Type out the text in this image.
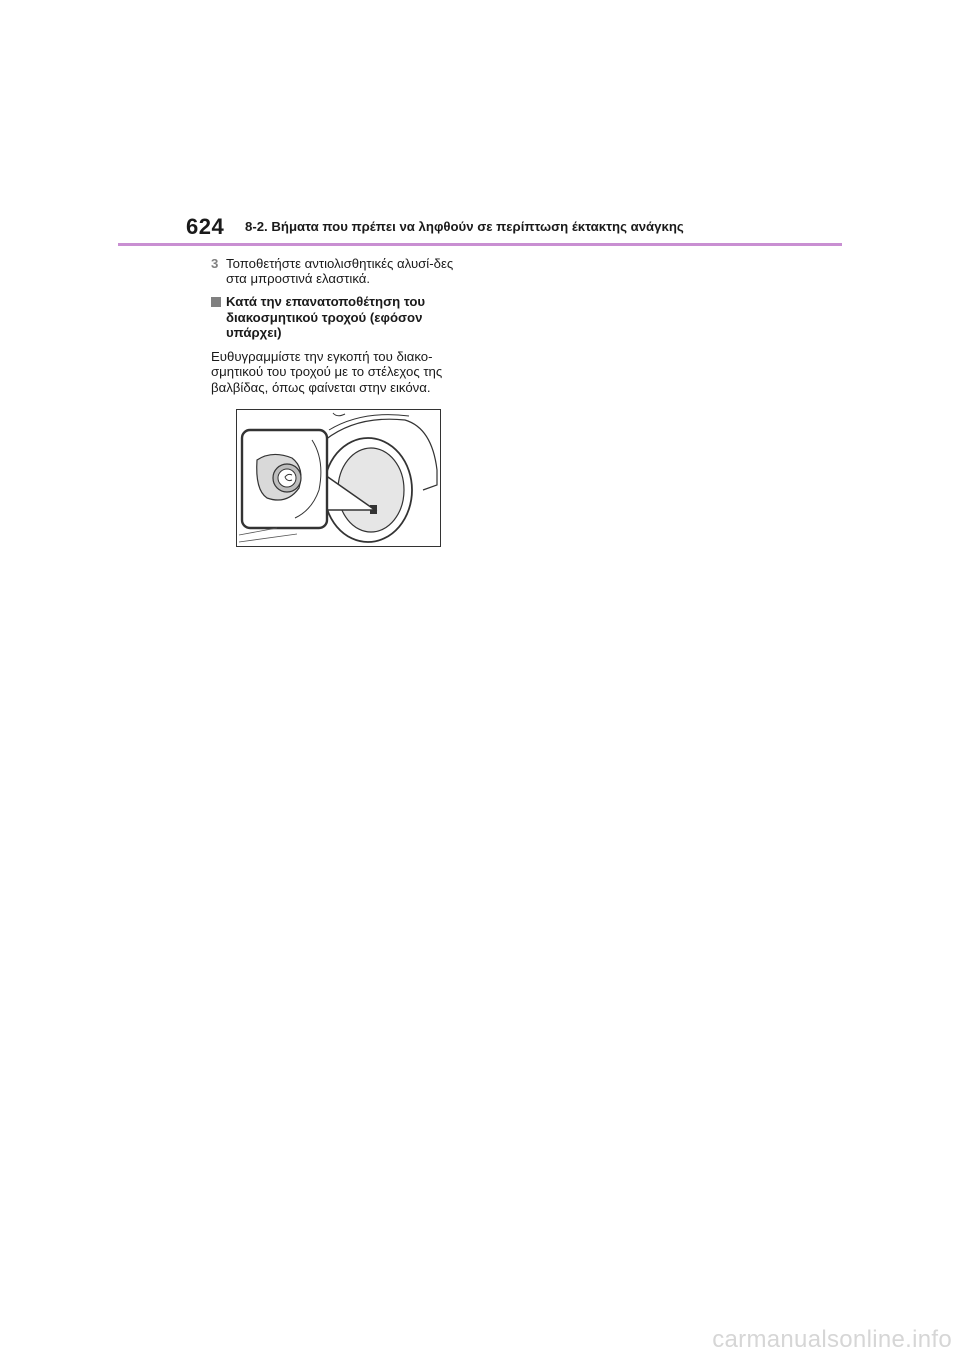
624 8-2. Βήματα που πρέπει να ληφθούν σε περίπτωση έκτακτης ανάγκης
3 Τοποθετήστε αντιολισθητικές αλυσί-δες στα μπροστινά ελαστικά.
Κατά την επανατοποθέτηση του διακοσμητικού τροχού (εφόσον υπάρχει)
Ευθυγραμμίστε την εγκοπή του διακο-σμητικού του τροχού με το στέλεχος της βαλβίδας, όπως φαίνεται στην εικόνα.
carmanualsonline.info
